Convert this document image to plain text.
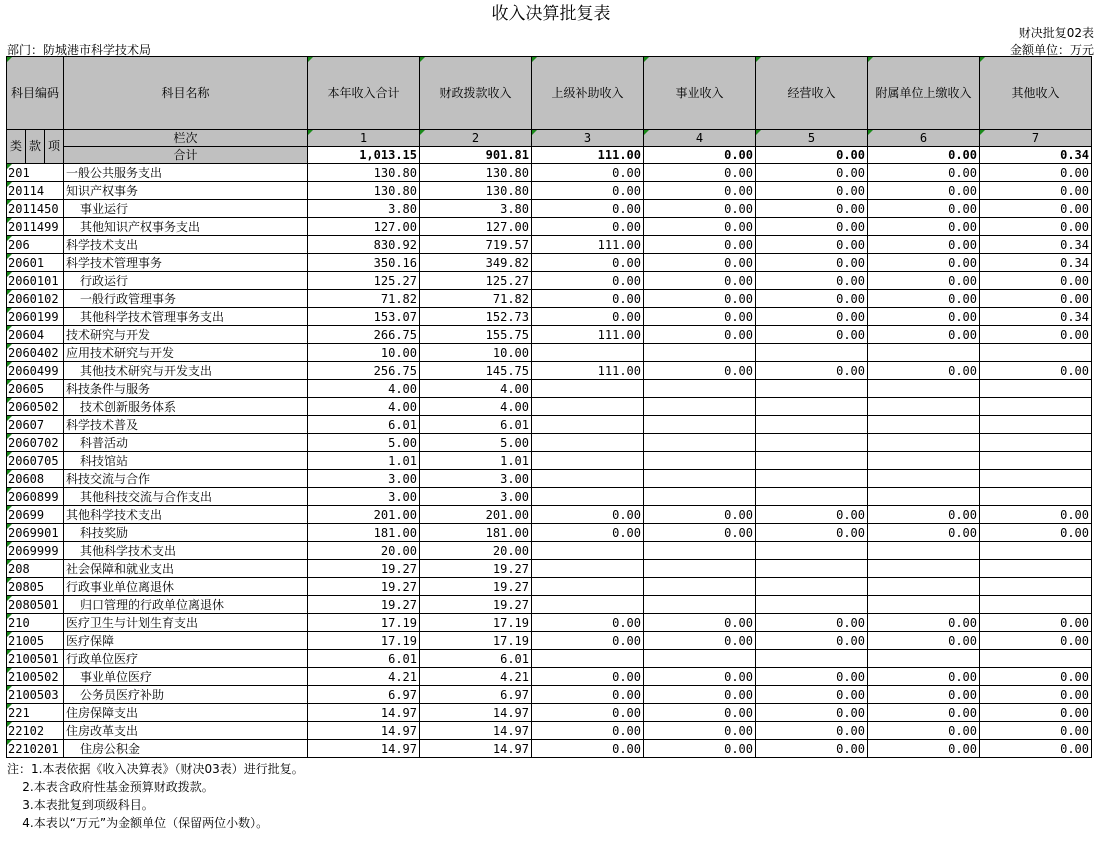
收入决算批复表
财决批复02表
部门：防城港市科学技术局	金额单位：万元
科目编码			科目名称	本年收入合计	财政拨款收入	上级补助收入	事业收入	经营收入	附属单位上缴收入	其他收入
类	款	项	栏次	1	2	3	4	5	6	7
			合计	1,013.15	901.81	111.00	0.00	0.00	0.00	0.34
201			一般公共服务支出	130.80	130.80	0.00	0.00	0.00	0.00	0.00
20114			知识产权事务	130.80	130.80	0.00	0.00	0.00	0.00	0.00
2011450			事业运行	3.80	3.80	0.00	0.00	0.00	0.00	0.00
2011499			其他知识产权事务支出	127.00	127.00	0.00	0.00	0.00	0.00	0.00
206			科学技术支出	830.92	719.57	111.00	0.00	0.00	0.00	0.34
20601			科学技术管理事务	350.16	349.82	0.00	0.00	0.00	0.00	0.34
2060101			行政运行	125.27	125.27	0.00	0.00	0.00	0.00	0.00
2060102			一般行政管理事务	71.82	71.82	0.00	0.00	0.00	0.00	0.00
2060199			其他科学技术管理事务支出	153.07	152.73	0.00	0.00	0.00	0.00	0.34
20604			技术研究与开发	266.75	155.75	111.00	0.00	0.00	0.00	0.00
2060402			应用技术研究与开发	10.00	10.00					
2060499			其他技术研究与开发支出	256.75	145.75	111.00	0.00	0.00	0.00	0.00
20605			科技条件与服务	4.00	4.00					
2060502			技术创新服务体系	4.00	4.00					
20607			科学技术普及	6.01	6.01					
2060702			科普活动	5.00	5.00					
2060705			科技馆站	1.01	1.01					
20608			科技交流与合作	3.00	3.00					
2060899			其他科技交流与合作支出	3.00	3.00					
20699			其他科学技术支出	201.00	201.00	0.00	0.00	0.00	0.00	0.00
2069901			科技奖励	181.00	181.00	0.00	0.00	0.00	0.00	0.00
2069999			其他科学技术支出	20.00	20.00					
208			社会保障和就业支出	19.27	19.27					
20805			行政事业单位离退休	19.27	19.27					
2080501			归口管理的行政单位离退休	19.27	19.27					
210			医疗卫生与计划生育支出	17.19	17.19	0.00	0.00	0.00	0.00	0.00
21005			医疗保障	17.19	17.19	0.00	0.00	0.00	0.00	0.00
2100501			行政单位医疗	6.01	6.01					
2100502			事业单位医疗	4.21	4.21	0.00	0.00	0.00	0.00	0.00
2100503			公务员医疗补助	6.97	6.97	0.00	0.00	0.00	0.00	0.00
221			住房保障支出	14.97	14.97	0.00	0.00	0.00	0.00	0.00
22102			住房改革支出	14.97	14.97	0.00	0.00	0.00	0.00	0.00
2210201			住房公积金	14.97	14.97	0.00	0.00	0.00	0.00	0.00
注：1.本表依据《收入决算表》（财决03表）进行批复。
2.本表含政府性基金预算财政拨款。
3.本表批复到项级科目。
4.本表以“万元”为金额单位（保留两位小数）。
